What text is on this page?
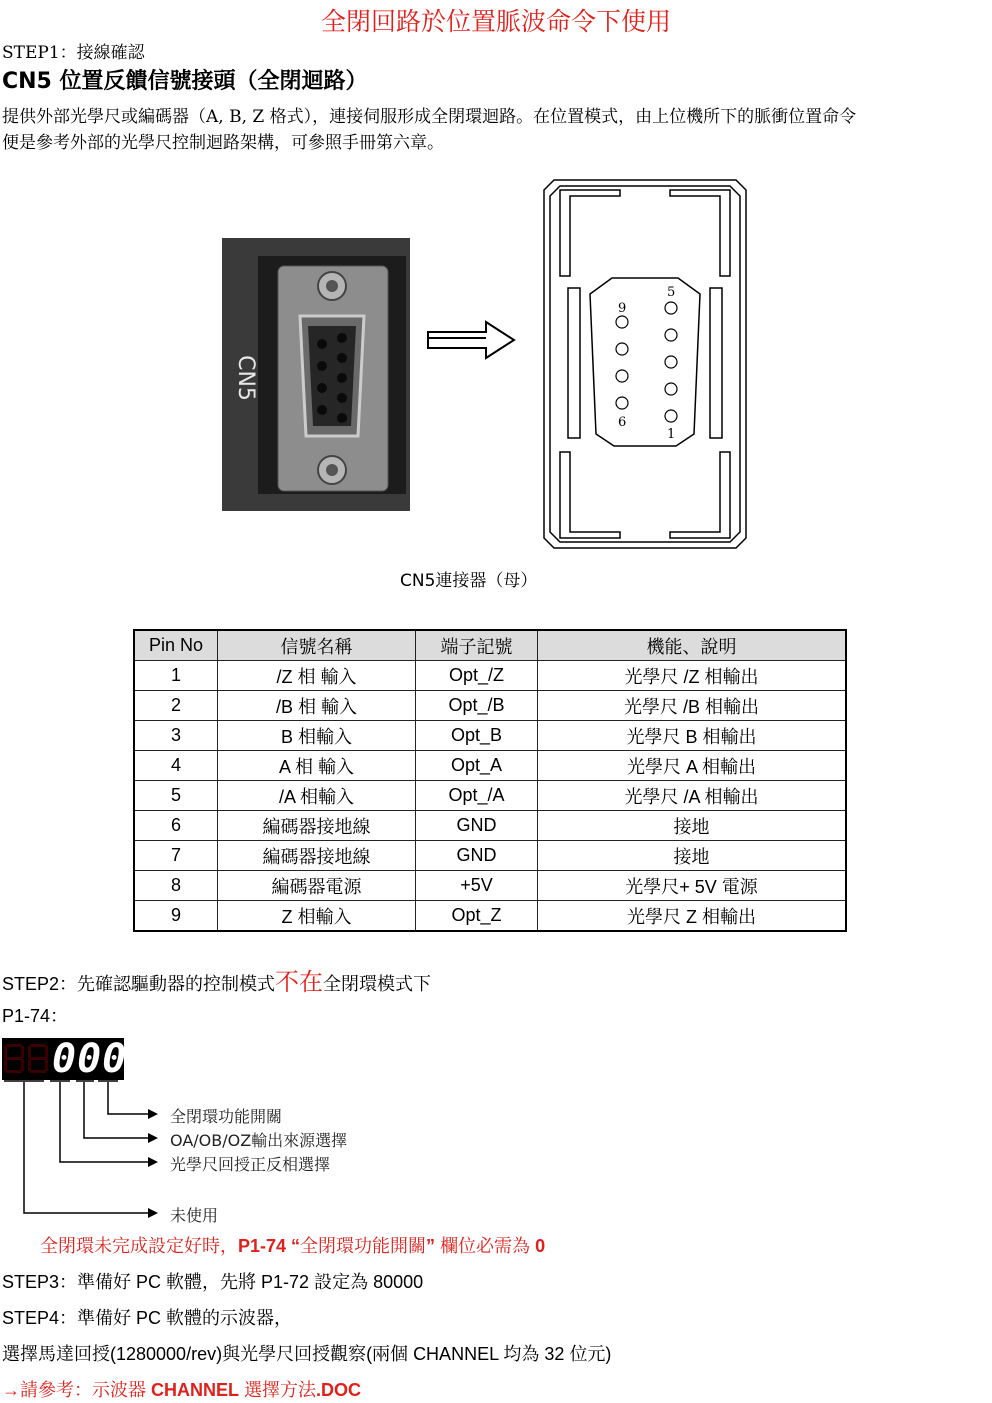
全閉回路於位置脈波命令下使用
STEP1：接線確認
CN5 位置反饋信號接頭（全閉迴路）
提供外部光學尺或編碼器（A, B, Z 格式），連接伺服形成全閉環迴路。在位置模式，由上位機所下的脈衝位置命令
便是參考外部的光學尺控制迴路架構，可參照手冊第六章。
CN5
9
5
6
1
CN5連接器（母）
Pin No	信號名稱	端子記號	機能、說明
1	/Z 相 輸入	Opt_/Z	光學尺 /Z 相輸出
2	/B 相 輸入	Opt_/B	光學尺 /B 相輸出
3	B 相輸入	Opt_B	光學尺 B 相輸出
4	A 相 輸入	Opt_A	光學尺 A 相輸出
5	/A 相輸入	Opt_/A	光學尺 /A 相輸出
6	編碼器接地線	GND	接地
7	編碼器接地線	GND	接地
8	編碼器電源	+5V	光學尺+ 5V 電源
9	Z 相輸入	Opt_Z	光學尺 Z 相輸出
STEP2：先確認驅動器的控制模式不在全閉環模式下
P1-74：
000
全閉環功能開關
OA/OB/OZ輸出來源選擇
光學尺回授正反相選擇
未使用
全閉環未完成設定好時，P1-74 “全閉環功能開關” 欄位必需為 0
STEP3：準備好 PC 軟體，先將 P1-72 設定為 80000
STEP4：準備好 PC 軟體的示波器，
選擇馬達回授(1280000/rev)與光學尺回授觀察(兩個 CHANNEL 均為 32 位元)
→請參考：示波器 CHANNEL 選擇方法.DOC
